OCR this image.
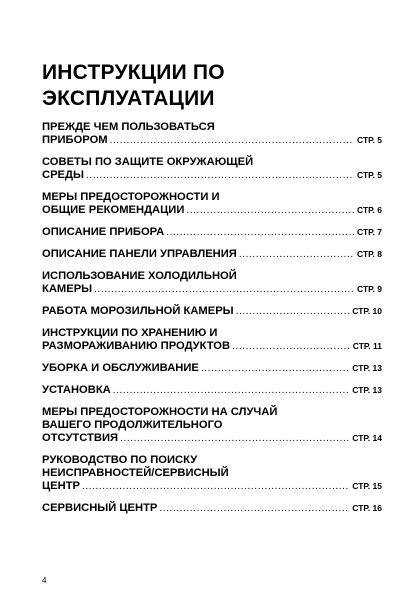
ИНСТРУКЦИИ ПО
ЭКСПЛУАТАЦИИ
ПРЕЖДЕ ЧЕМ ПОЛЬЗОВАТЬСЯ
ПРИБОРОМ .....	СТР. 5
СОВЕТЫ ПО ЗАЩИТЕ ОКРУЖАЮЩЕЙ
СРЕДЫ .....	СТР. 5
МЕРЫ ПРЕДОСТОРОЖНОСТИ И
ОБЩИЕ РЕКОМЕНДАЦИИ .....	СТР. 6
ОПИСАНИЕ ПРИБОРА .....	СТР. 7
ОПИСАНИЕ ПАНЕЛИ УПРАВЛЕНИЯ .....	СТР. 8
ИСПОЛЬЗОВАНИЕ ХОЛОДИЛЬНОЙ
КАМЕРЫ .....	СТР. 9
РАБОТА МОРОЗИЛЬНОЙ КАМЕРЫ .....	СТР. 10
ИНСТРУКЦИИ ПО ХРАНЕНИЮ И
РАЗМОРАЖИВАНИЮ ПРОДУКТОВ .....	СТР. 11
УБОРКА И ОБСЛУЖИВАНИЕ .....	СТР. 13
УСТАНОВКА .....	СТР. 13
МЕРЫ ПРЕДОСТОРОЖНОСТИ НА СЛУЧАЙ
ВАШЕГО ПРОДОЛЖИТЕЛЬНОГО
ОТСУТСТВИЯ .....	СТР. 14
РУКОВОДСТВО ПО ПОИСКУ
НЕИСПРАВНОСТЕЙ/СЕРВИСНЫЙ
ЦЕНТР .....	СТР. 15
СЕРВИСНЫЙ ЦЕНТР .....	СТР. 16
4
